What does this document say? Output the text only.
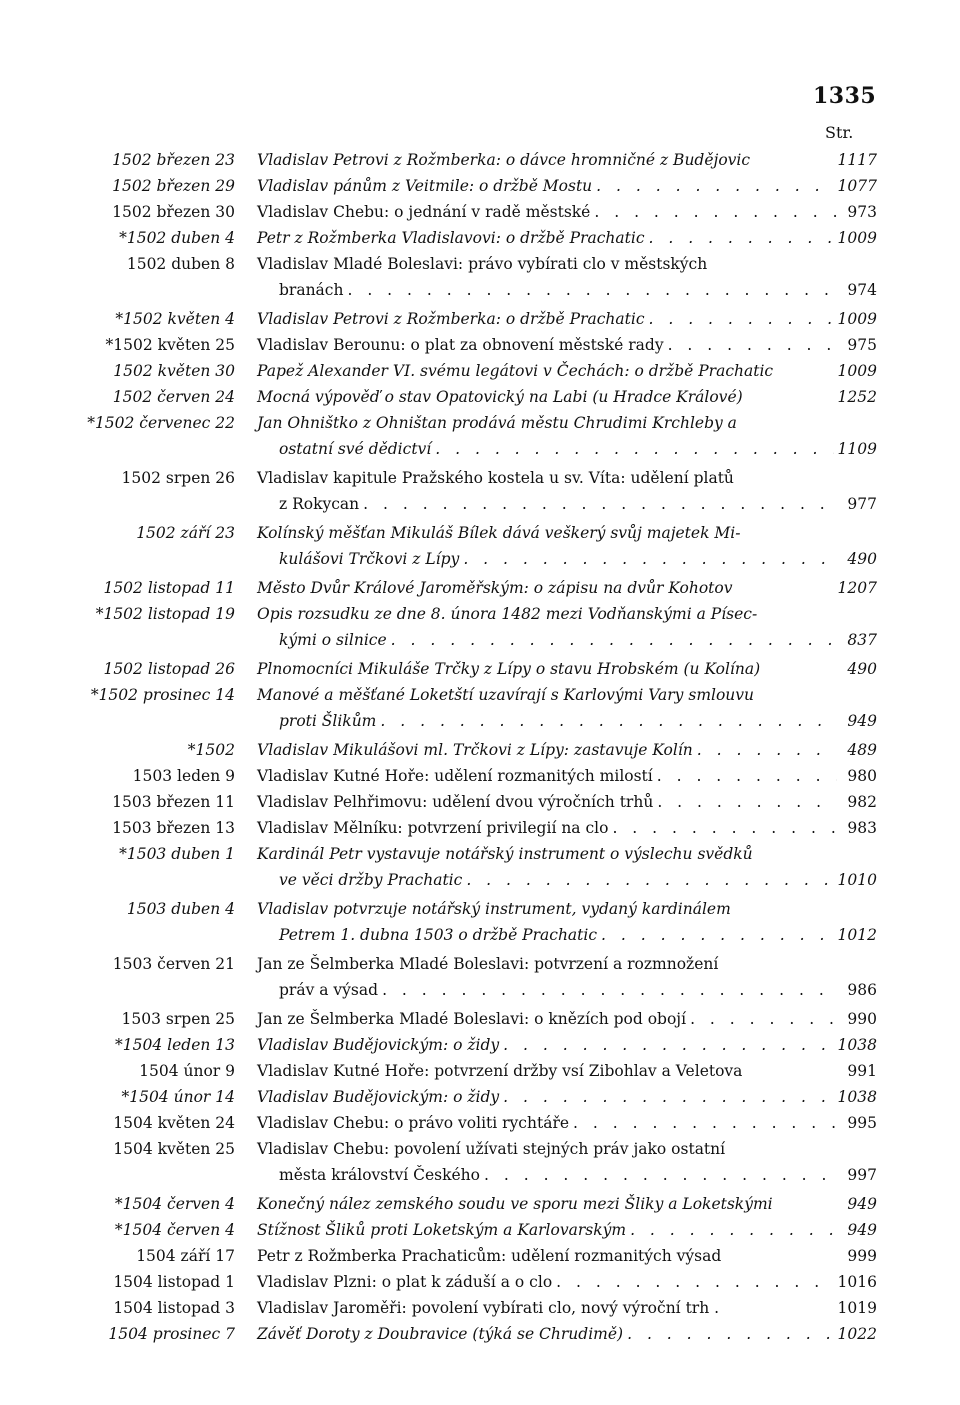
1335
Str.
1502 březen 23 Vladislav Petrovi z Rožmberka: o dávce hromničné z Budějovic	1117
1502 březen 29 Vladislav pánům z Veitmile: o držbě Mostu . . .	1077
1502 březen 30 Vladislav Chebu: o jednání v radě městské . . .	973
*1502 duben 4 Petr z Rožmberka Vladislavovi: o držbě Prachatic . . .	1009
1502 duben 8 Vladislav Mladé Boleslavi: právo vybírati clo v městských
branách . . .	974
*1502 květen 4 Vladislav Petrovi z Rožmberka: o držbě Prachatic . . .	1009
*1502 květen 25 Vladislav Berounu: o plat za obnovení městské rady . . .	975
1502 květen 30 Papež Alexander VI. svému legátovi v Čechách: o držbě Prachatic	1009
1502 červen 24 Mocná výpověď o stav Opatovický na Labi (u Hradce Králové)	1252
*1502 červenec 22 Jan Ohništko z Ohništan prodává městu Chrudimi Krchleby a
ostatní své dědictví . . .	1109
1502 srpen 26 Vladislav kapitule Pražského kostela u sv. Víta: udělení platů
z Rokycan . . .	977
1502 září 23 Kolínský měšťan Mikuláš Bílek dává veškerý svůj majetek Mi-
kulášovi Trčkovi z Lípy . . .	490
1502 listopad 11 Město Dvůr Králové Jaroměřským: o zápisu na dvůr Kohotov	1207
*1502 listopad 19 Opis rozsudku ze dne 8. února 1482 mezi Vodňanskými a Písec-
kými o silnice . . .	837
1502 listopad 26 Plnomocníci Mikuláše Trčky z Lípy o stavu Hrobském (u Kolína)	490
*1502 prosinec 14 Manové a měšťané Loketští uzavírají s Karlovými Vary smlouvu
proti Šlikům . . .	949
*1502 Vladislav Mikulášovi ml. Trčkovi z Lípy: zastavuje Kolín . . .	489
1503 leden 9 Vladislav Kutné Hoře: udělení rozmanitých milostí . . .	980
1503 březen 11 Vladislav Pelhřimovu: udělení dvou výročních trhů . . .	982
1503 březen 13 Vladislav Mělníku: potvrzení privilegií na clo . . .	983
*1503 duben 1 Kardinál Petr vystavuje notářský instrument o výslechu svědků
ve věci držby Prachatic . . .	1010
1503 duben 4 Vladislav potvrzuje notářský instrument, vydaný kardinálem
Petrem 1. dubna 1503 o držbě Prachatic . . .	1012
1503 červen 21 Jan ze Šelmberka Mladé Boleslavi: potvrzení a rozmnožení
práv a výsad . . .	986
1503 srpen 25 Jan ze Šelmberka Mladé Boleslavi: o knězích pod obojí . . .	990
*1504 leden 13 Vladislav Budějovickým: o židy . . .	1038
1504 únor 9 Vladislav Kutné Hoře: potvrzení držby vsí Zibohlav a Veletova	991
*1504 únor 14 Vladislav Budějovickým: o židy . . .	1038
1504 květen 24 Vladislav Chebu: o právo voliti rychtáře . . .	995
1504 květen 25 Vladislav Chebu: povolení užívati stejných práv jako ostatní
města království Českého . . .	997
*1504 červen 4 Konečný nález zemského soudu ve sporu mezi Šliky a Loketskými	949
*1504 červen 4 Stížnost Šliků proti Loketským a Karlovarským . . .	949
1504 září 17 Petr z Rožmberka Prachaticům: udělení rozmanitých výsad	999
1504 listopad 1 Vladislav Plzni: o plat k záduší a o clo . . .	1016
1504 listopad 3 Vladislav Jaroměři: povolení vybírati clo, nový výroční trh .	1019
1504 prosinec 7 Závěť Doroty z Doubravice (týká se Chrudimě) . . .	1022
